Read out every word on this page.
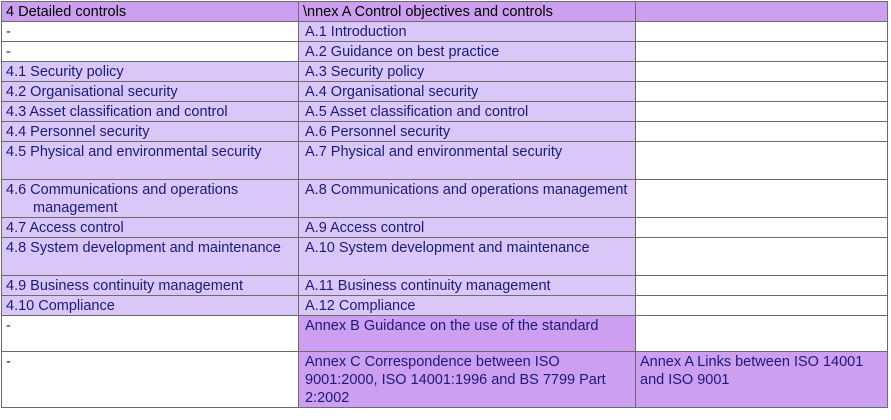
4 Detailed controls	\nnex A Control objectives and controls	
-	A.1 Introduction	
-	A.2 Guidance on best practice	
4.1 Security policy	A.3 Security policy	
4.2 Organisational security	A.4 Organisational security	
4.3 Asset classification and control	A.5 Asset classification and control	
4.4 Personnel security	A.6 Personnel security	
4.5 Physical and environmental security	A.7 Physical and environmental security	
4.6 Communications and operations management	A.8 Communications and operations management	
4.7 Access control	A.9 Access control	
4.8 System development and maintenance	A.10 System development and maintenance	
4.9 Business continuity management	A.11 Business continuity management	
4.10 Compliance	A.12 Compliance	
-	Annex B Guidance on the use of the standard	
-	Annex C Correspondence between ISO 9001:2000, ISO 14001:1996 and BS 7799 Part 2:2002	Annex A Links between ISO 14001 and ISO 9001
